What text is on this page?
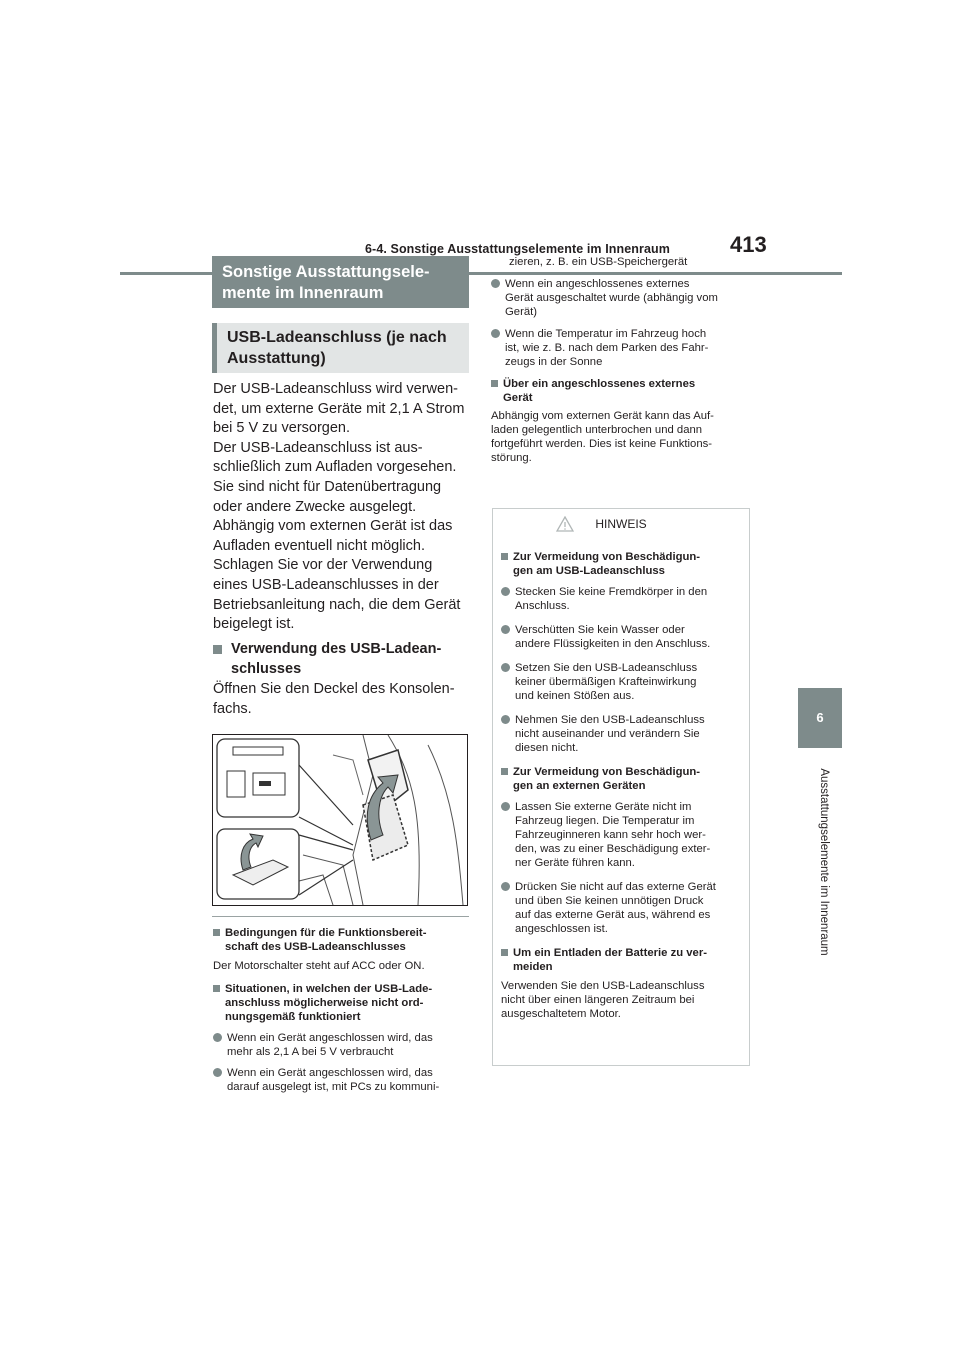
6-4. Sonstige Ausstattungselemente im Innenraum	413
6
Ausstattungselemente im Innenraum
Sonstige Ausstattungsele-
mente im Innenraum
USB-Ladeanschluss (je nach
Ausstattung)

Der USB-Ladeanschluss wird verwen-

det, um externe Geräte mit 2,1 A Strom

bei 5 V zu versorgen.

Der USB-Ladeanschluss ist aus-

schließlich zum Aufladen vorgesehen.

Sie sind nicht für Datenübertragung

oder andere Zwecke ausgelegt.

Abhängig vom externen Gerät ist das

Aufladen eventuell nicht möglich.

Schlagen Sie vor der Verwendung

eines USB-Ladeanschlusses in der

Betriebsanleitung nach, die dem Gerät

beigelegt ist.

Verwendung des USB-Ladean-
schlusses
Öffnen Sie den Deckel des Konsolen-
fachs.
Bedingungen für die Funktionsbereit-
schaft des USB-Ladeanschlusses
Der Motorschalter steht auf ACC oder ON.
Situationen, in welchen der USB-Lade-
anschluss möglicherweise nicht ord-
nungsgemäß funktioniert
Wenn ein Gerät angeschlossen wird, das
mehr als 2,1 A bei 5 V verbraucht
Wenn ein Gerät angeschlossen wird, das
darauf ausgelegt ist, mit PCs zu kommuni-
zieren, z. B. ein USB-Speichergerät
Wenn ein angeschlossenes externes
Gerät ausgeschaltet wurde (abhängig vom
Gerät)
Wenn die Temperatur im Fahrzeug hoch
ist, wie z. B. nach dem Parken des Fahr-
zeugs in der Sonne
Über ein angeschlossenes externes
Gerät
Abhängig vom externen Gerät kann das Auf-
laden gelegentlich unterbrochen und dann
fortgeführt werden. Dies ist keine Funktions-
störung.
HINWEIS
Zur Vermeidung von Beschädigun-
gen am USB-Ladeanschluss
Stecken Sie keine Fremdkörper in den
Anschluss.
Verschütten Sie kein Wasser oder
andere Flüssigkeiten in den Anschluss.
Setzen Sie den USB-Ladeanschluss
keiner übermäßigen Krafteinwirkung
und keinen Stößen aus.
Nehmen Sie den USB-Ladeanschluss
nicht auseinander und verändern Sie
diesen nicht.
Zur Vermeidung von Beschädigun-
gen an externen Geräten
Lassen Sie externe Geräte nicht im
Fahrzeug liegen. Die Temperatur im
Fahrzeuginneren kann sehr hoch wer-
den, was zu einer Beschädigung exter-
ner Geräte führen kann.
Drücken Sie nicht auf das externe Gerät
und üben Sie keinen unnötigen Druck
auf das externe Gerät aus, während es
angeschlossen ist.
Um ein Entladen der Batterie zu ver-
meiden
Verwenden Sie den USB-Ladeanschluss
nicht über einen längeren Zeitraum bei
ausgeschaltetem Motor.
